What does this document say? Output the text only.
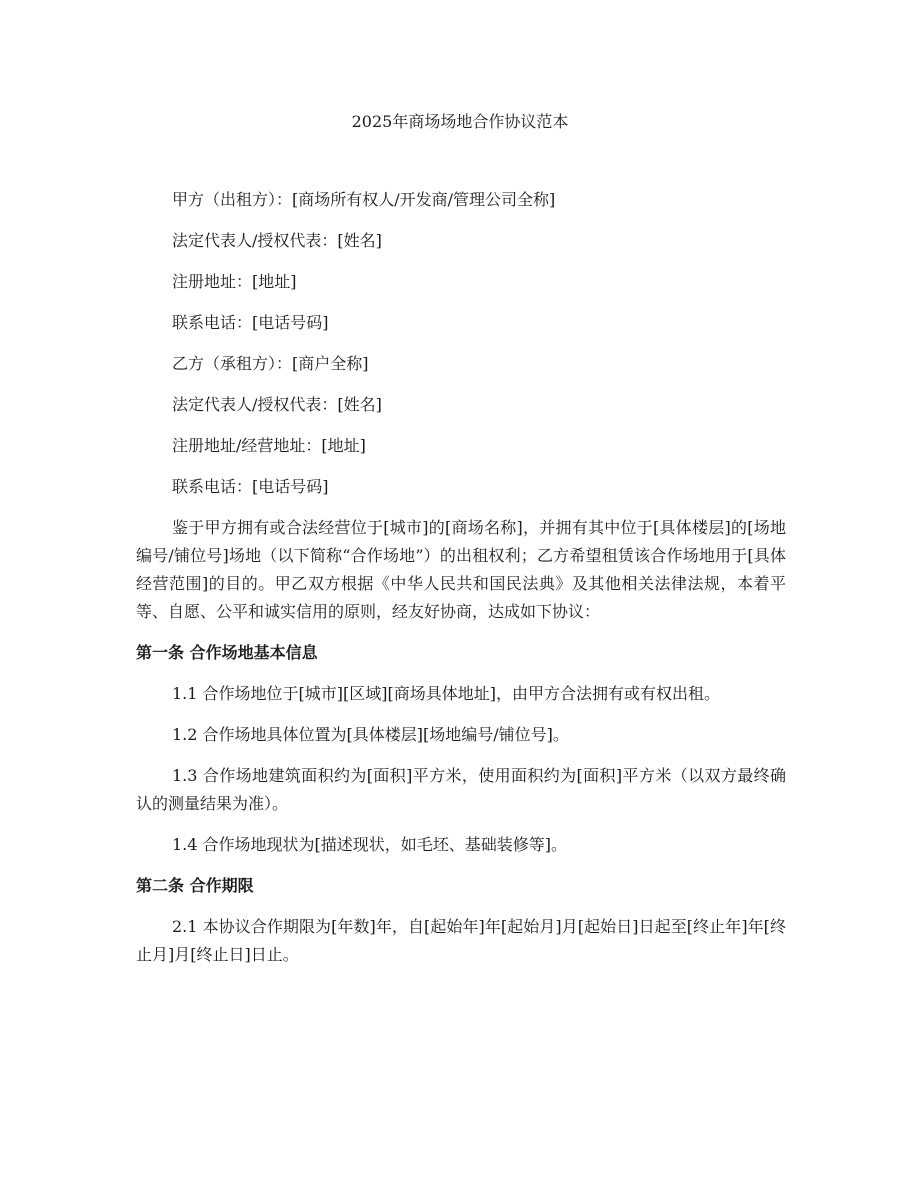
2025年商场场地合作协议范本

甲方（出租方）：[商场所有权人/开发商/管理公司全称]

法定代表人/授权代表：[姓名]

注册地址：[地址]

联系电话：[电话号码]

乙方（承租方）：[商户全称]

法定代表人/授权代表：[姓名]

注册地址/经营地址：[地址]

联系电话：[电话号码]

鉴于甲方拥有或合法经营位于[城市]的[商场名称]，并拥有其中位于[具体楼层]的[场地编号/铺位号]场地（以下简称“合作场地”）的出租权利；乙方希望租赁该合作场地用于[具体经营范围]的目的。甲乙双方根据《中华人民共和国民法典》及其他相关法律法规，本着平等、自愿、公平和诚实信用的原则，经友好协商，达成如下协议：

第一条 合作场地基本信息

1.1 合作场地位于[城市][区域][商场具体地址]，由甲方合法拥有或有权出租。

1.2 合作场地具体位置为[具体楼层][场地编号/铺位号]。

1.3 合作场地建筑面积约为[面积]平方米，使用面积约为[面积]平方米（以双方最终确认的测量结果为准）。

1.4 合作场地现状为[描述现状，如毛坯、基础装修等]。

第二条 合作期限

2.1 本协议合作期限为[年数]年，自[起始年]年[起始月]月[起始日]日起至[终止年]年[终止月]月[终止日]日止。
